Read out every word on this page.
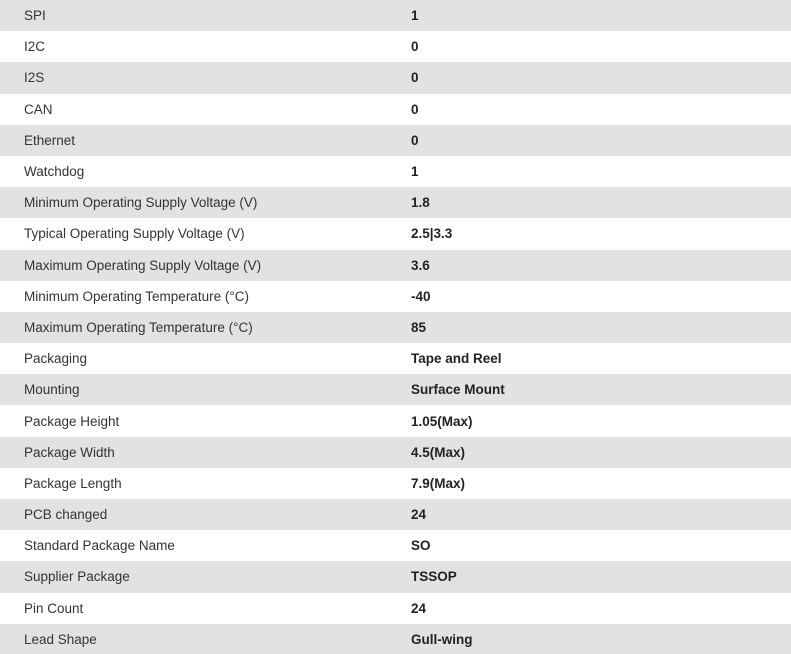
SPI	1
I2C	0
I2S	0
CAN	0
Ethernet	0
Watchdog	1
Minimum Operating Supply Voltage (V)	1.8
Typical Operating Supply Voltage (V)	2.5|3.3
Maximum Operating Supply Voltage (V)	3.6
Minimum Operating Temperature (°C)	-40
Maximum Operating Temperature (°C)	85
Packaging	Tape and Reel
Mounting	Surface Mount
Package Height	1.05(Max)
Package Width	4.5(Max)
Package Length	7.9(Max)
PCB changed	24
Standard Package Name	SO
Supplier Package	TSSOP
Pin Count	24
Lead Shape	Gull-wing
